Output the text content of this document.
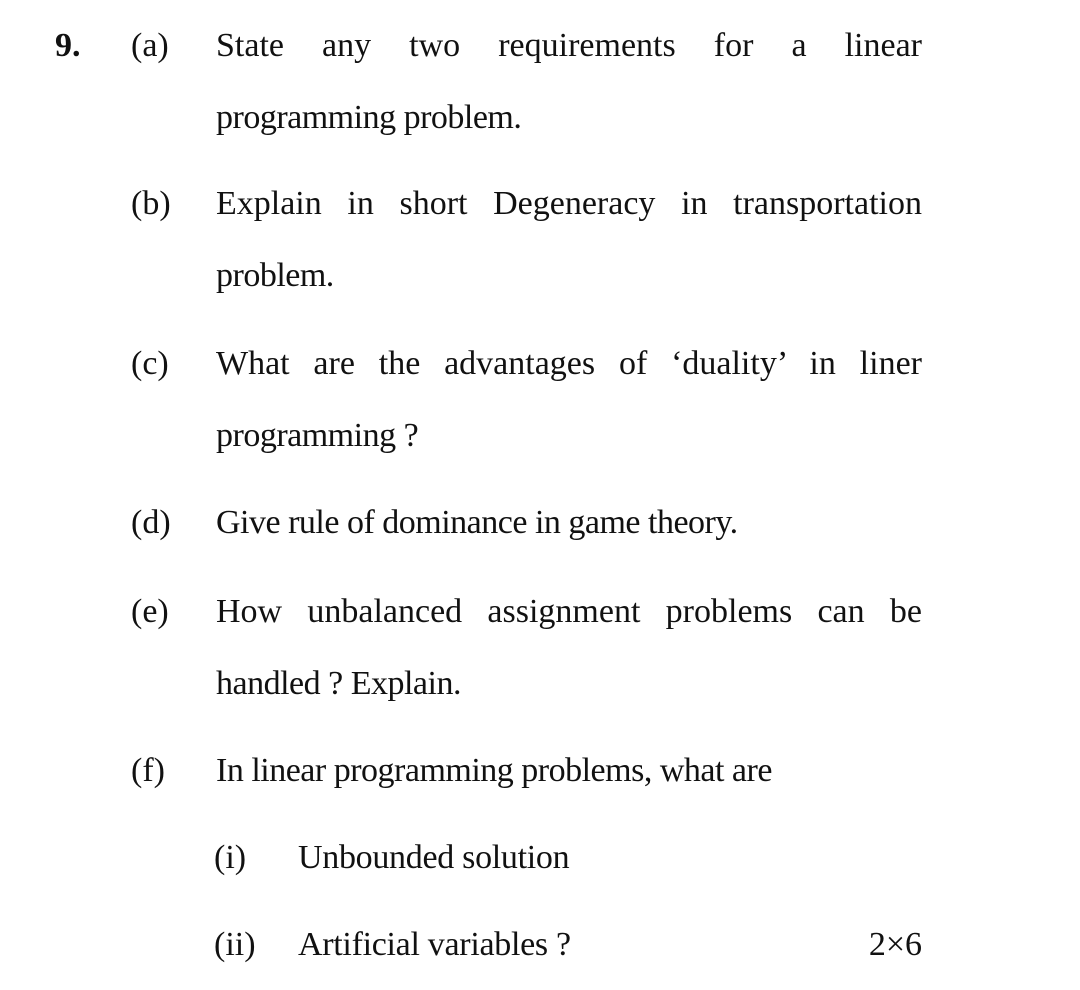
9. (a) State any two requirements for a linear
programming problem.
(b) Explain in short Degeneracy in transportation
problem.
(c) What are the advantages of ‘duality’ in liner
programming ?
(d) Give rule of dominance in game theory.
(e) How unbalanced assignment problems can be
handled ? Explain.
(f) In linear programming problems, what are
(i) Unbounded solution
(ii) Artificial variables ?	2×6
